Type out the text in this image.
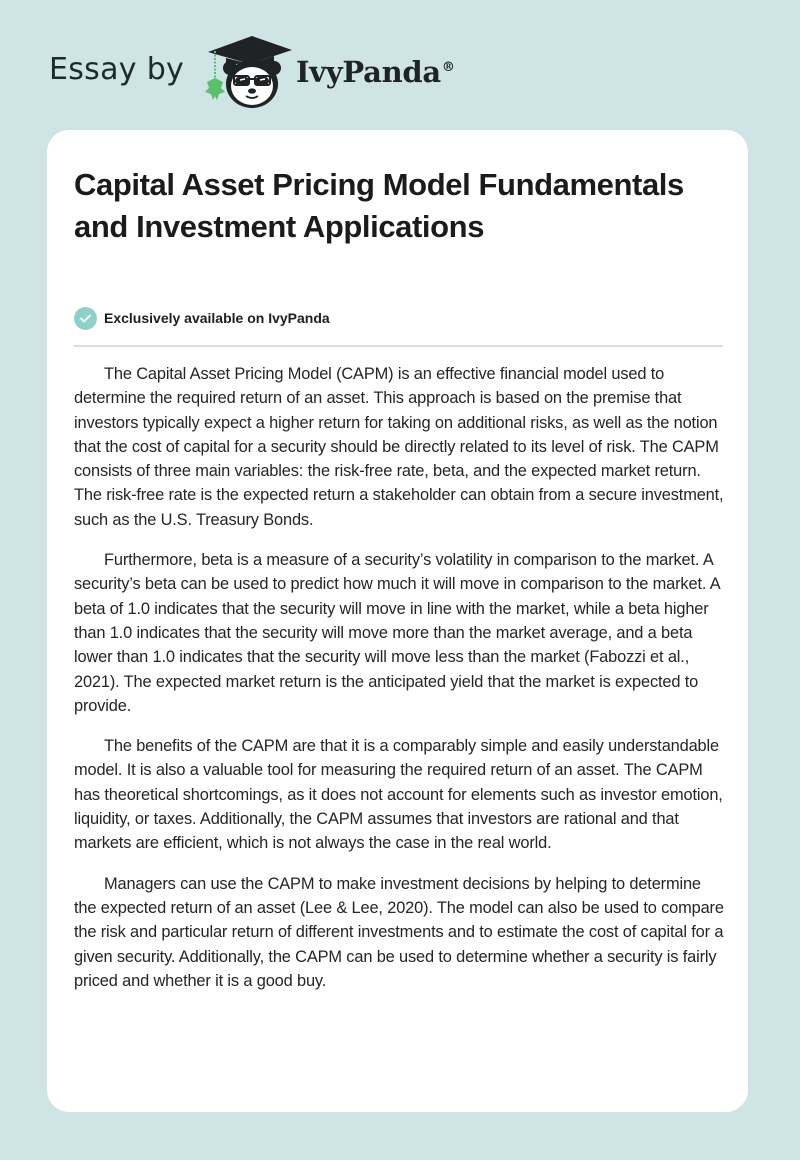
Essay by	IvyPanda®
Capital Asset Pricing Model Fundamentals and Investment Applications
Exclusively available on IvyPanda

The Capital Asset Pricing Model (CAPM) is an effective financial model used to determine the required return of an asset. This approach is based on the premise that investors typically expect a higher return for taking on additional risks, as well as the notion that the cost of capital for a security should be directly related to its level of risk. The CAPM consists of three main variables: the risk-free rate, beta, and the expected market return. The risk-free rate is the expected return a stakeholder can obtain from a secure investment, such as the U.S. Treasury Bonds.

Furthermore, beta is a measure of a security’s volatility in comparison to the market. A security’s beta can be used to predict how much it will move in comparison to the market. A beta of 1.0 indicates that the security will move in line with the market, while a beta higher than 1.0 indicates that the security will move more than the market average, and a beta lower than 1.0 indicates that the security will move less than the market (Fabozzi et al., 2021). The expected market return is the anticipated yield that the market is expected to provide.

The benefits of the CAPM are that it is a comparably simple and easily understandable model. It is also a valuable tool for measuring the required return of an asset. The CAPM has theoretical shortcomings, as it does not account for elements such as investor emotion, liquidity, or taxes. Additionally, the CAPM assumes that investors are rational and that markets are efficient, which is not always the case in the real world.

Managers can use the CAPM to make investment decisions by helping to determine the expected return of an asset (Lee & Lee, 2020). The model can also be used to compare the risk and particular return of different investments and to estimate the cost of capital for a given security. Additionally, the CAPM can be used to determine whether a security is fairly priced and whether it is a good buy.
